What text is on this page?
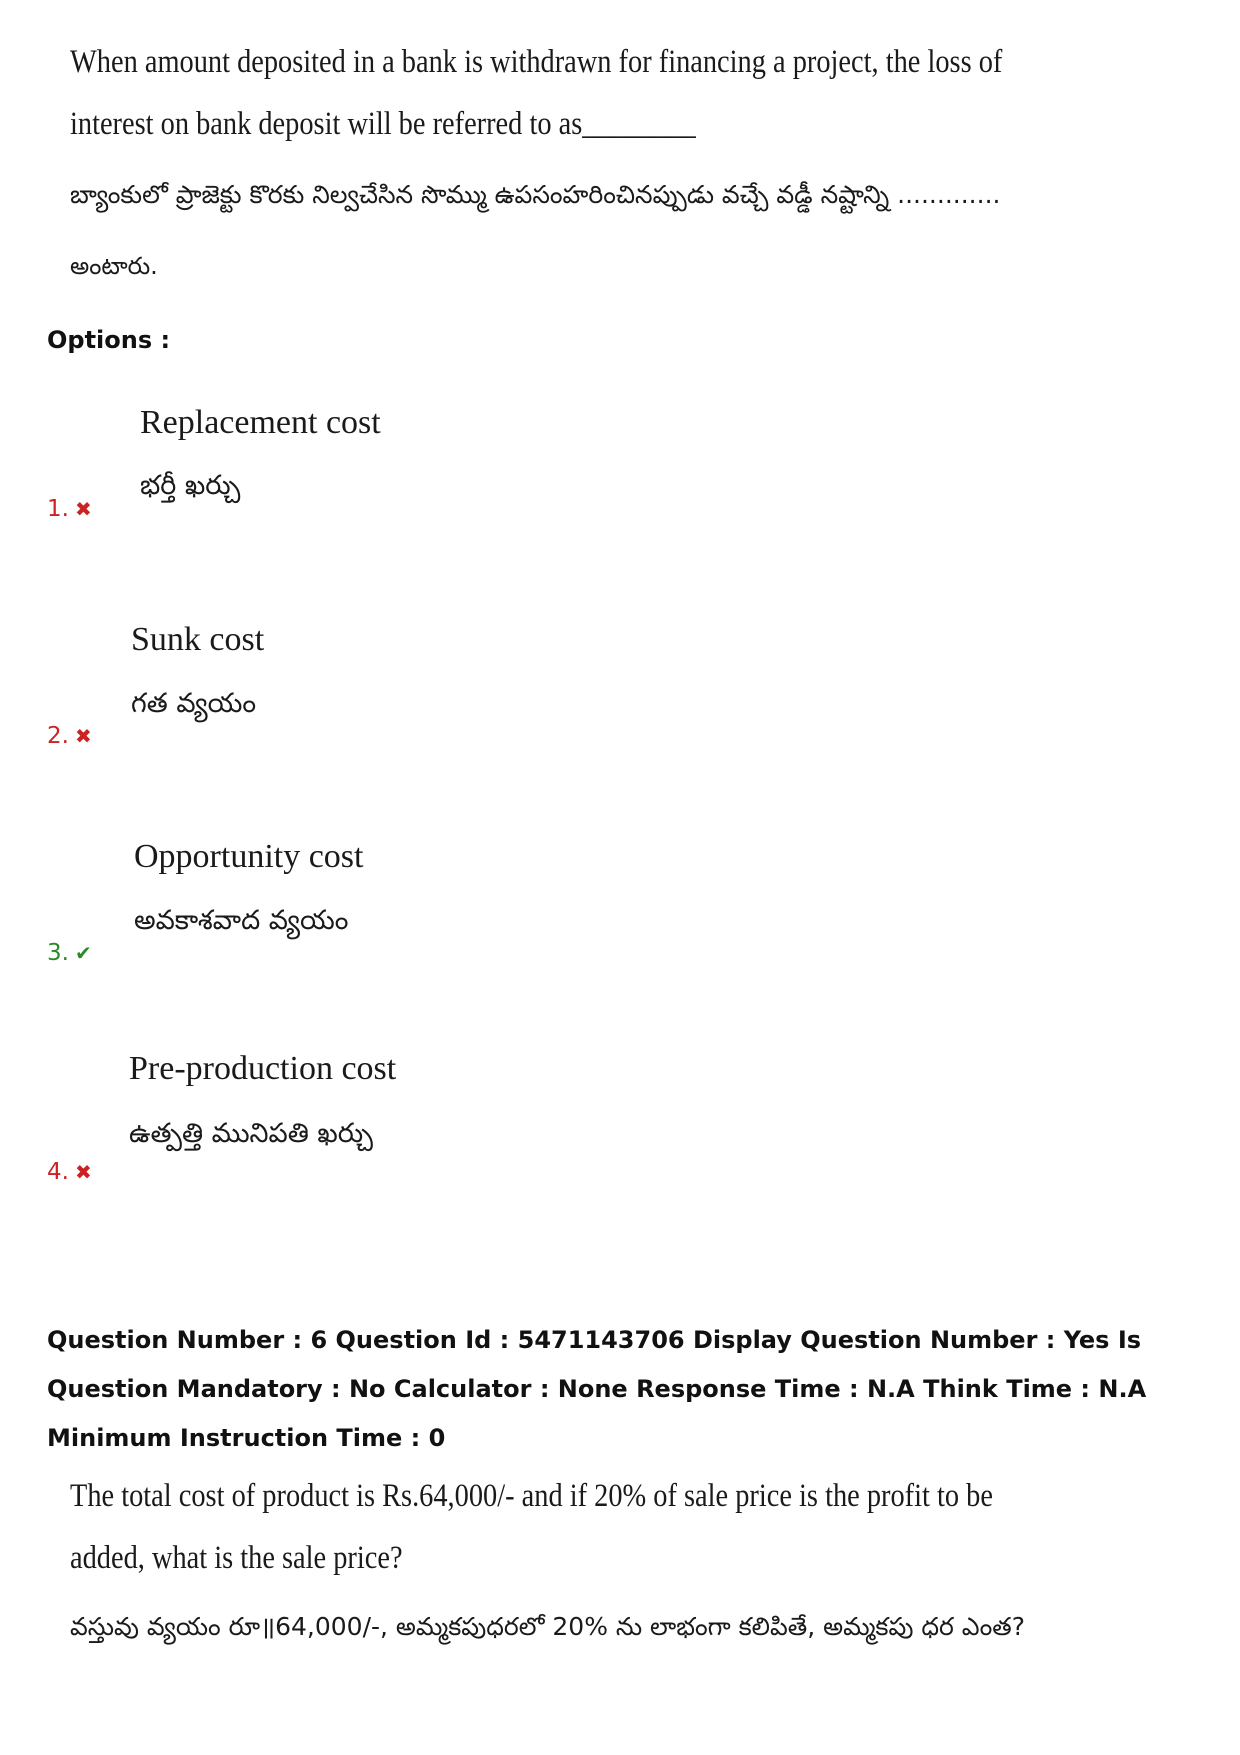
When amount deposited in a bank is withdrawn for financing a project, the loss of
interest on bank deposit will be referred to as________
బ్యాంకులో ప్రాజెక్టు కొరకు నిల్వచేసిన సొమ్ము ఉపసంహరించినప్పుడు వచ్చే వడ్డీ నష్టాన్ని .............
అంటారు.
Options :
Replacement cost
భర్తీ ఖర్చు
1. ✖
Sunk cost
గత వ్యయం
2. ✖
Opportunity cost
అవకాశవాద వ్యయం
3. ✔
Pre-production cost
ఉత్పత్తి మునిపతి ఖర్చు
4. ✖
Question Number : 6 Question Id : 5471143706 Display Question Number : Yes Is Question Mandatory : No Calculator : None Response Time : N.A Think Time : N.A Minimum Instruction Time : 0
The total cost of product is Rs.64,000/- and if 20% of sale price is the profit to be
added, what is the sale price?
వస్తువు వ్యయం రూ॥64,000/-, అమ్మకపుధరలో 20% ను లాభంగా కలిపితే, అమ్మకపు ధర ఎంత?
